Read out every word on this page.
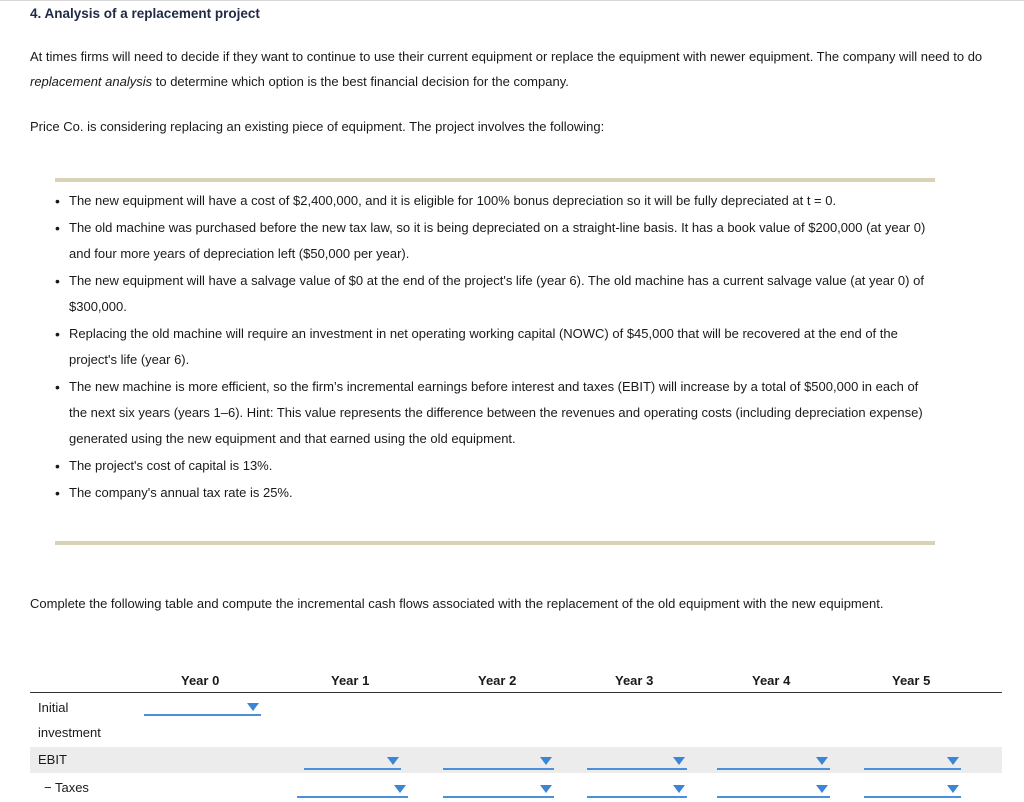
4. Analysis of a replacement project
At times firms will need to decide if they want to continue to use their current equipment or replace the equipment with newer equipment. The company will need to do replacement analysis to determine which option is the best financial decision for the company.
Price Co. is considering replacing an existing piece of equipment. The project involves the following:
• The new equipment will have a cost of $2,400,000, and it is eligible for 100% bonus depreciation so it will be fully depreciated at t = 0.
• The old machine was purchased before the new tax law, so it is being depreciated on a straight-line basis. It has a book value of $200,000 (at year 0) and four more years of depreciation left ($50,000 per year).
• The new equipment will have a salvage value of $0 at the end of the project's life (year 6). The old machine has a current salvage value (at year 0) of $300,000.
• Replacing the old machine will require an investment in net operating working capital (NOWC) of $45,000 that will be recovered at the end of the project's life (year 6).
• The new machine is more efficient, so the firm’s incremental earnings before interest and taxes (EBIT) will increase by a total of $500,000 in each of the next six years (years 1–6). Hint: This value represents the difference between the revenues and operating costs (including depreciation expense) generated using the new equipment and that earned using the old equipment.
• The project's cost of capital is 13%.
• The company's annual tax rate is 25%.
Complete the following table and compute the incremental cash flows associated with the replacement of the old equipment with the new equipment.
Year 0	Year 1	Year 2	Year 3	Year 4	Year 5
Initial
investment
EBIT
− Taxes
